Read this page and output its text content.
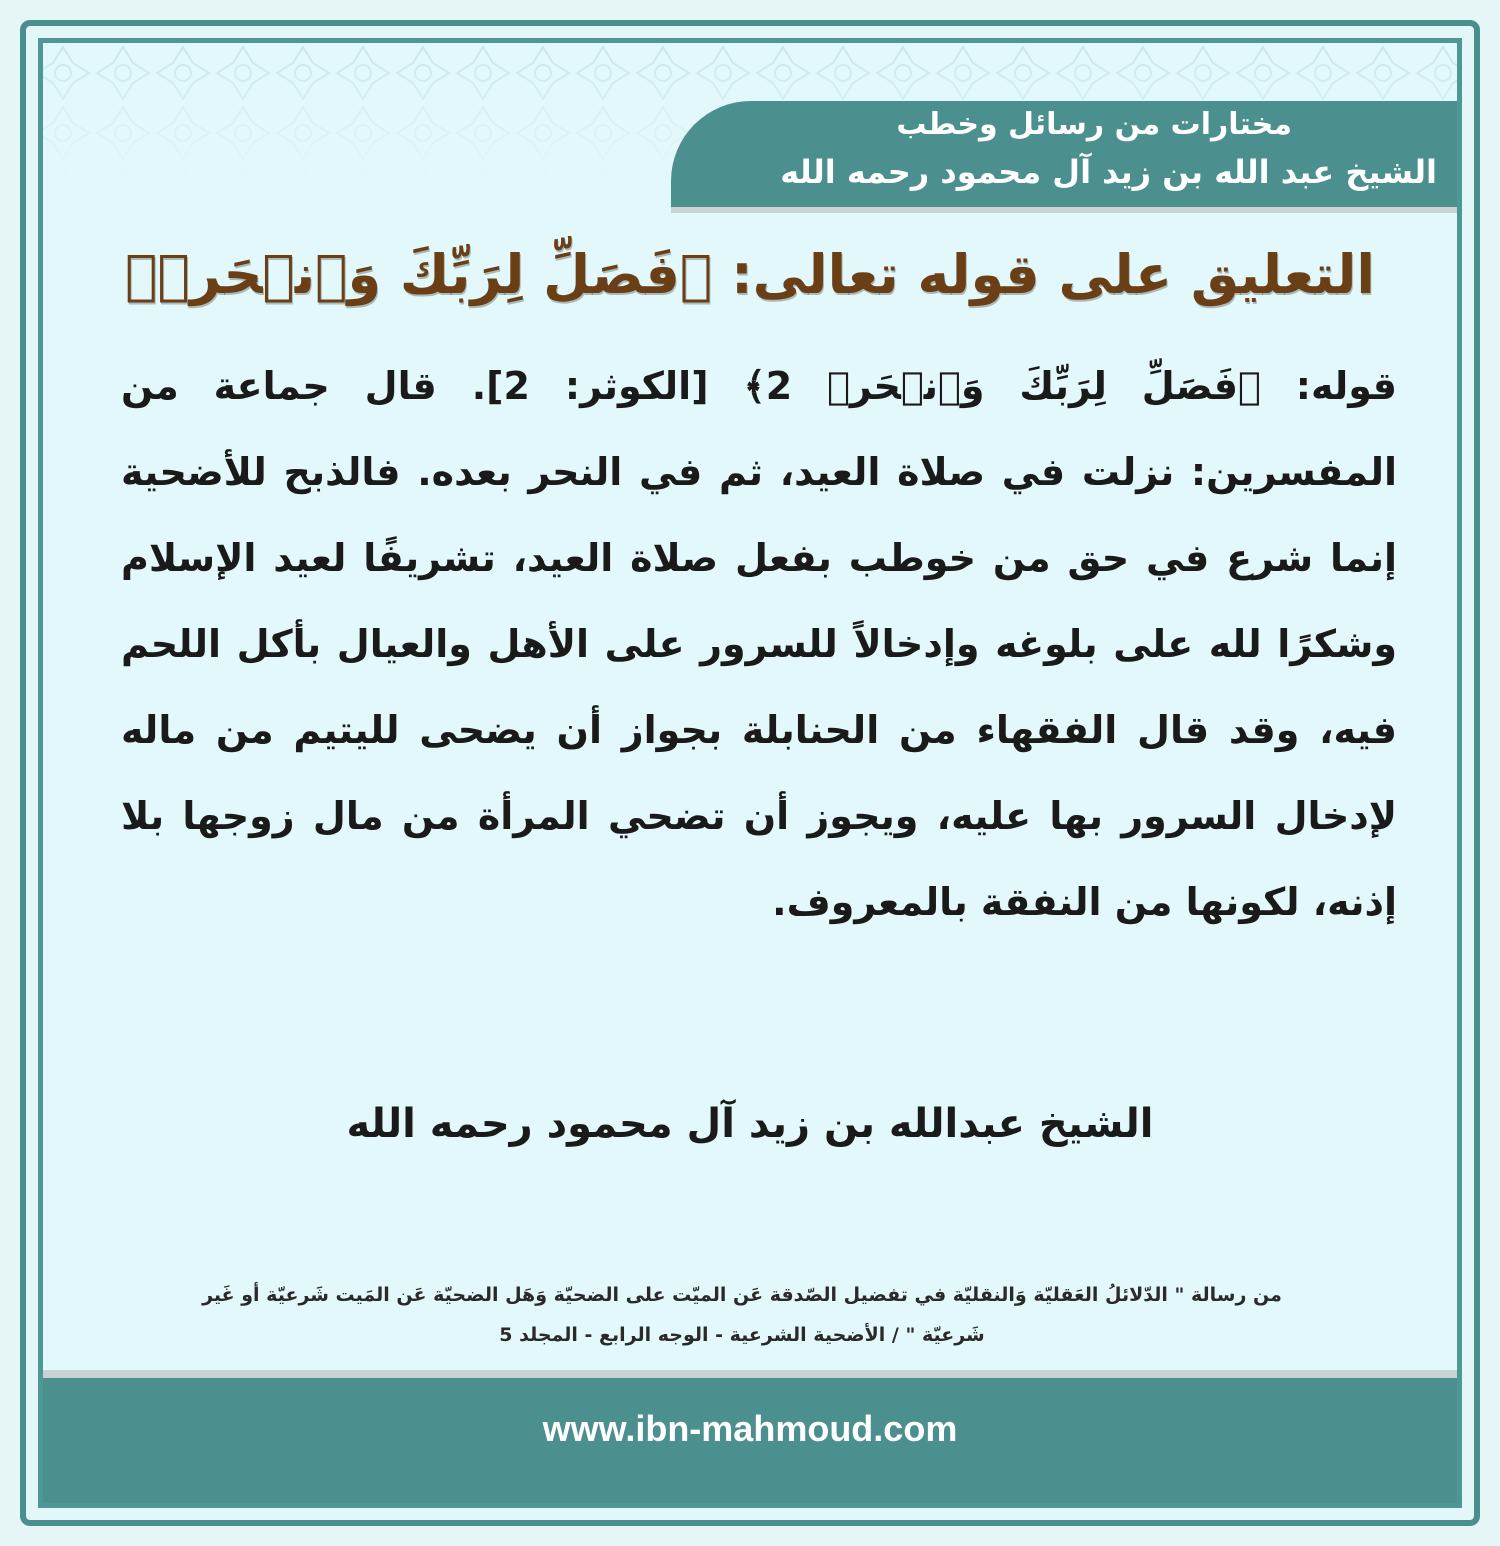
مختارات من رسائل وخطب
الشيخ عبد الله بن زيد آل محمود رحمه الله
التعليق على قوله تعالى: ﴿فَصَلِّ لِرَبِّكَ وَٱنۡحَرۡ﴾
قوله: ﴿فَصَلِّ لِرَبِّكَ وَٱنۡحَرۡ 2﴾ [الكوثر: 2]. قال جماعة من المفسرين: نزلت في صلاة العيد، ثم في النحر بعده. فالذبح للأضحية إنما شرع في حق من خوطب بفعل صلاة العيد، تشريفًا لعيد الإسلام وشكرًا لله على بلوغه وإدخالاً للسرور على الأهل والعيال بأكل اللحم فيه، وقد قال الفقهاء من الحنابلة بجواز أن يضحى لليتيم من ماله لإدخال السرور بها عليه، ويجوز أن تضحي المرأة من مال زوجها بلا إذنه، لكونها من النفقة بالمعروف.
الشيخ عبدالله بن زيد آل محمود رحمه الله
من رسالة " الدّلائلُ العَقليّة وَالنقليّة في تفضيل الصّدقة عَن الميّت على الضحيّة وَهَل الضحيّة عَن المَيت شَرعيّة أو غَير
شَرعيّة " / الأضحية الشرعية - الوجه الرابع - المجلد 5
www.ibn-mahmoud.com
